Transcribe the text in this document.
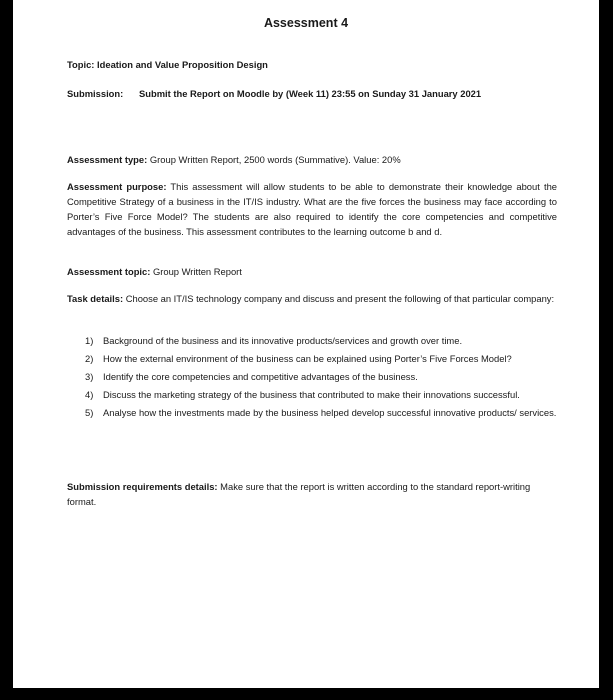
Assessment 4
Topic: Ideation and Value Proposition Design
Submission: Submit the Report on Moodle by (Week 11) 23:55 on Sunday 31 January 2021
Assessment type: Group Written Report, 2500 words (Summative). Value: 20%
Assessment purpose: This assessment will allow students to be able to demonstrate their knowledge about the Competitive Strategy of a business in the IT/IS industry. What are the five forces the business may face according to Porter’s Five Force Model? The students are also required to identify the core competencies and competitive advantages of the business. This assessment contributes to the learning outcome b and d.
Assessment topic: Group Written Report
Task details: Choose an IT/IS technology company and discuss and present the following of that particular company:
1) Background of the business and its innovative products/services and growth over time.
2) How the external environment of the business can be explained using Porter’s Five Forces Model?
3) Identify the core competencies and competitive advantages of the business.
4) Discuss the marketing strategy of the business that contributed to make their innovations successful.
5) Analyse how the investments made by the business helped develop successful innovative products/ services.
Submission requirements details: Make sure that the report is written according to the standard report-writing format.
